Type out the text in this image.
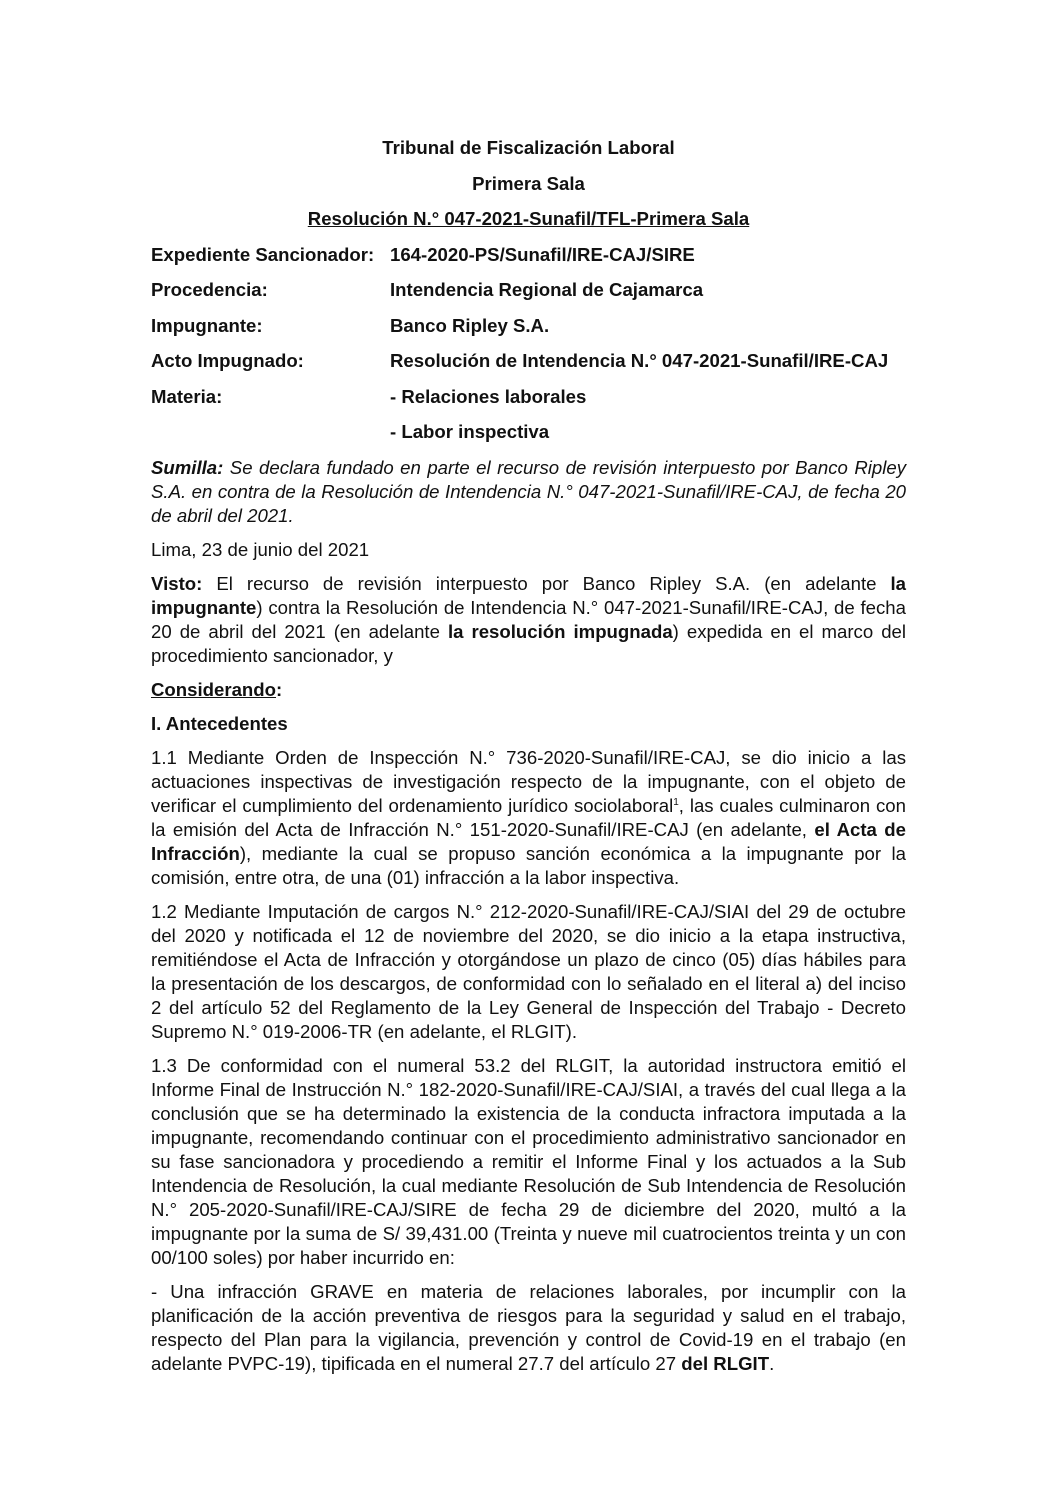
Tribunal de Fiscalización Laboral
Primera Sala
Resolución N.° 047-2021-Sunafil/TFL-Primera Sala
Expediente Sancionador: 164-2020-PS/Sunafil/IRE-CAJ/SIRE
Procedencia:	Intendencia Regional de Cajamarca
Impugnante:	Banco Ripley S.A.
Acto Impugnado:	Resolución de Intendencia N.° 047-2021-Sunafil/IRE-CAJ
Materia:	- Relaciones laborales
- Labor inspectiva

Sumilla: Se declara fundado en parte el recurso de revisión interpuesto por Banco Ripley S.A. en contra de la Resolución de Intendencia N.° 047-2021-Sunafil/IRE-CAJ, de fecha 20 de abril del 2021.

Lima, 23 de junio del 2021

Visto: El recurso de revisión interpuesto por Banco Ripley S.A. (en adelante la impugnante) contra la Resolución de Intendencia N.° 047-2021-Sunafil/IRE-CAJ, de fecha 20 de abril del 2021 (en adelante la resolución impugnada) expedida en el marco del procedimiento sancionador, y

Considerando:
I. Antecedentes

1.1 Mediante Orden de Inspección N.° 736-2020-Sunafil/IRE-CAJ, se dio inicio a las actuaciones inspectivas de investigación respecto de la impugnante, con el objeto de verificar el cumplimiento del ordenamiento jurídico sociolaboral$^1$, las cuales culminaron con la emisión del Acta de Infracción N.° 151-2020-Sunafil/IRE-CAJ (en adelante, el Acta de Infracción), mediante la cual se propuso sanción económica a la impugnante por la comisión, entre otra, de una (01) infracción a la labor inspectiva.

1.2 Mediante Imputación de cargos N.° 212-2020-Sunafil/IRE-CAJ/SIAI del 29 de octubre del 2020 y notificada el 12 de noviembre del 2020, se dio inicio a la etapa instructiva, remitiéndose el Acta de Infracción y otorgándose un plazo de cinco (05) días hábiles para la presentación de los descargos, de conformidad con lo señalado en el literal a) del inciso 2 del artículo 52 del Reglamento de la Ley General de Inspección del Trabajo - Decreto Supremo N.° 019-2006-TR (en adelante, el RLGIT).

1.3 De conformidad con el numeral 53.2 del RLGIT, la autoridad instructora emitió el Informe Final de Instrucción N.° 182-2020-Sunafil/IRE-CAJ/SIAI, a través del cual llega a la conclusión que se ha determinado la existencia de la conducta infractora imputada a la impugnante, recomendando continuar con el procedimiento administrativo sancionador en su fase sancionadora y procediendo a remitir el Informe Final y los actuados a la Sub Intendencia de Resolución, la cual mediante Resolución de Sub Intendencia de Resolución N.° 205-2020-Sunafil/IRE-CAJ/SIRE de fecha 29 de diciembre del 2020, multó a la impugnante por la suma de S/ 39,431.00 (Treinta y nueve mil cuatrocientos treinta y un con 00/100 soles) por haber incurrido en:

- Una infracción GRAVE en materia de relaciones laborales, por incumplir con la planificación de la acción preventiva de riesgos para la seguridad y salud en el trabajo, respecto del Plan para la vigilancia, prevención y control de Covid-19 en el trabajo (en adelante PVPC-19), tipificada en el numeral 27.7 del artículo 27 del RLGIT.
